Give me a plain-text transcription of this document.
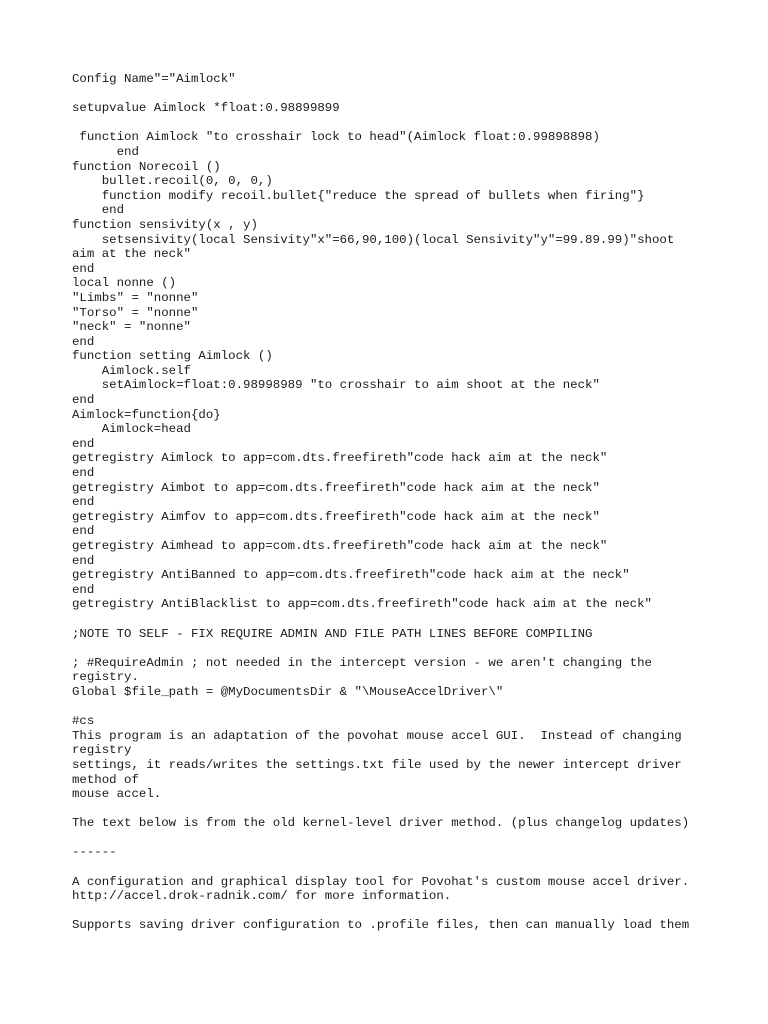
Config Name"="Aimlock"
setupvalue Aimlock *float:0.98899899
function Aimlock "to crosshair lock to head"(Aimlock float:0.99898898)
end
function Norecoil ()
bullet.recoil(0, 0, 0,)
function modify recoil.bullet{"reduce the spread of bullets when firing"}
end
function sensivity(x , y)
setsensivity(local Sensivity"x"=66,90,100)(local Sensivity"y"=99.89.99)"shoot
aim at the neck"
end
local nonne ()
"Limbs" = "nonne"
"Torso" = "nonne"
"neck" = "nonne"
end
function setting Aimlock ()
Aimlock.self
setAimlock=float:0.98998989 "to crosshair to aim shoot at the neck"
end
Aimlock=function{do}
Aimlock=head
end
getregistry Aimlock to app=com.dts.freefireth"code hack aim at the neck"
end
getregistry Aimbot to app=com.dts.freefireth"code hack aim at the neck"
end
getregistry Aimfov to app=com.dts.freefireth"code hack aim at the neck"
end
getregistry Aimhead to app=com.dts.freefireth"code hack aim at the neck"
end
getregistry AntiBanned to app=com.dts.freefireth"code hack aim at the neck"
end
getregistry AntiBlacklist to app=com.dts.freefireth"code hack aim at the neck"
;NOTE TO SELF - FIX REQUIRE ADMIN AND FILE PATH LINES BEFORE COMPILING
; #RequireAdmin ; not needed in the intercept version - we aren't changing the
registry.
Global $file_path = @MyDocumentsDir & "\MouseAccelDriver\"
#cs
This program is an adaptation of the povohat mouse accel GUI.  Instead of changing
registry
settings, it reads/writes the settings.txt file used by the newer intercept driver
method of
mouse accel.
The text below is from the old kernel-level driver method. (plus changelog updates)
------
A configuration and graphical display tool for Povohat's custom mouse accel driver.
http://accel.drok-radnik.com/ for more information.
Supports saving driver configuration to .profile files, then can manually load them
